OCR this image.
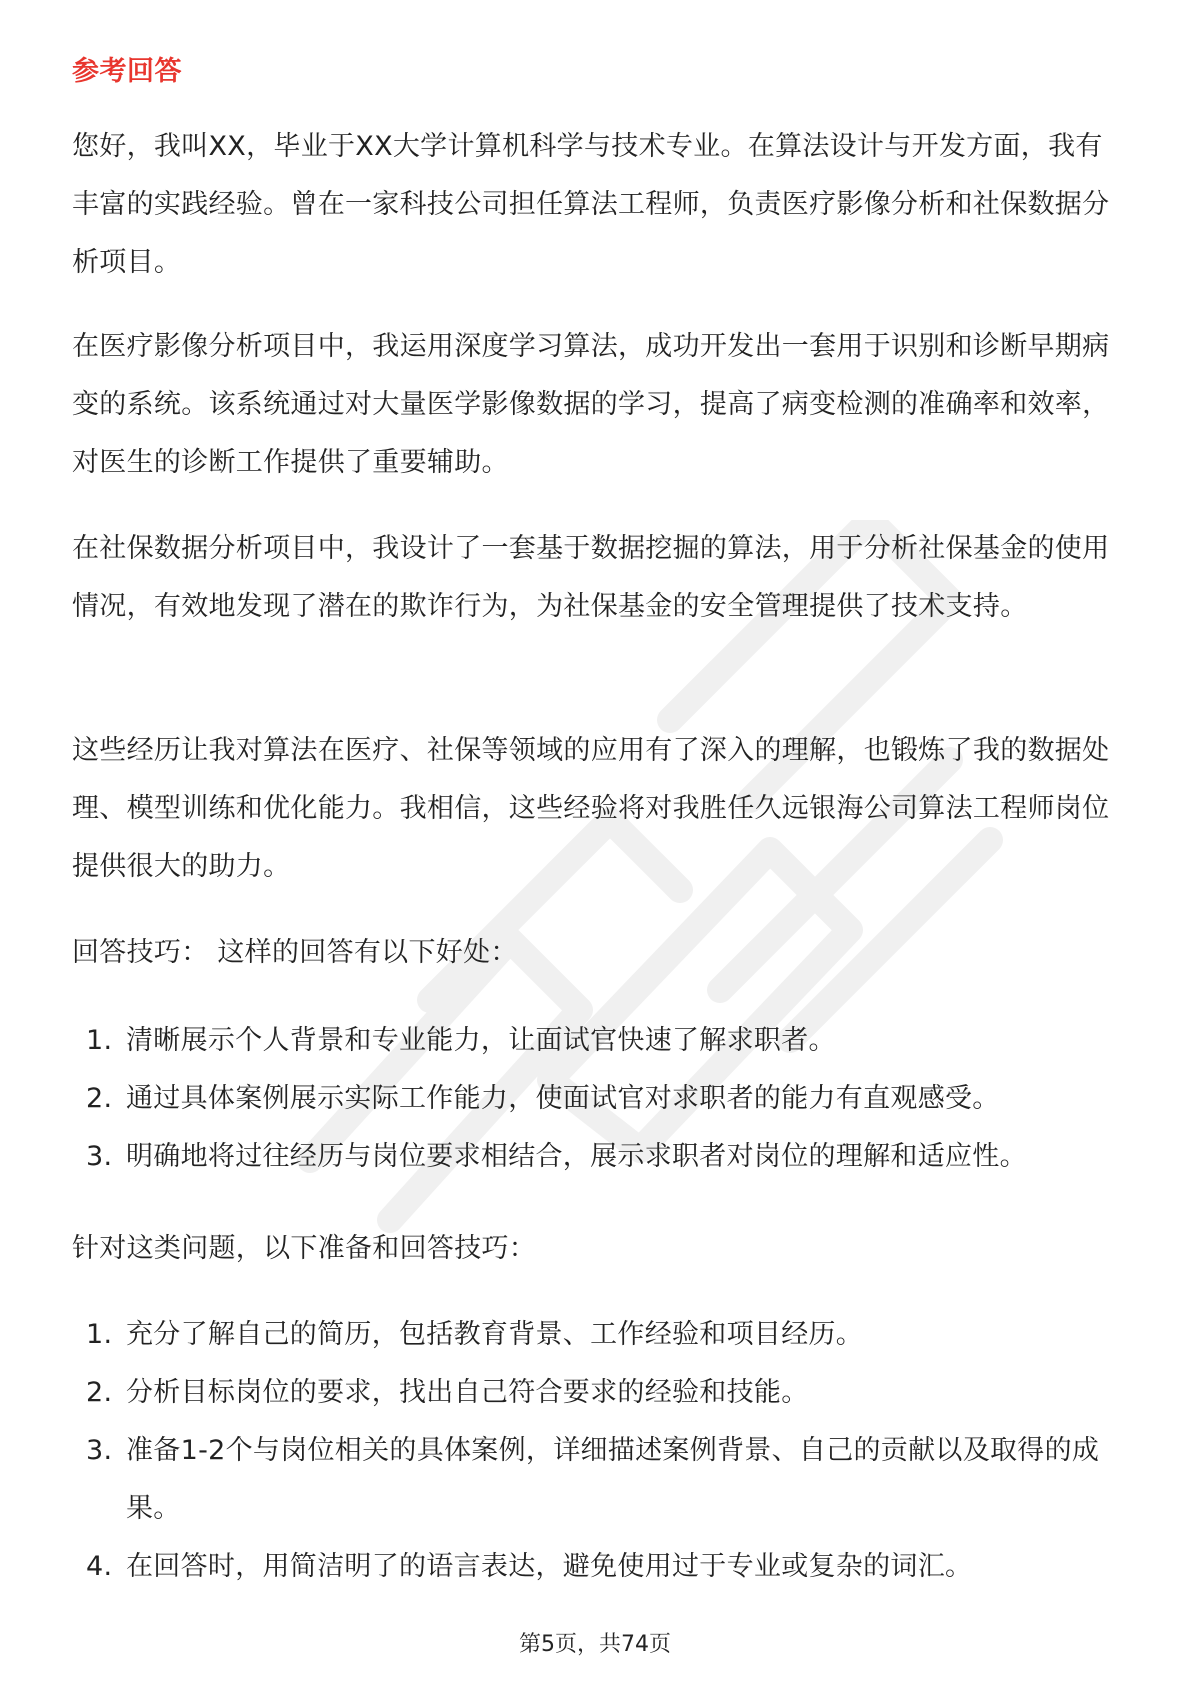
参考回答

您好，我叫XX，毕业于XX大学计算机科学与技术专业。在算法设计与开发方面，我有丰富的实践经验。曾在一家科技公司担任算法工程师，负责医疗影像分析和社保数据分析项目。

在医疗影像分析项目中，我运用深度学习算法，成功开发出一套用于识别和诊断早期病变的系统。该系统通过对大量医学影像数据的学习，提高了病变检测的准确率和效率，对医生的诊断工作提供了重要辅助。

在社保数据分析项目中，我设计了一套基于数据挖掘的算法，用于分析社保基金的使用情况，有效地发现了潜在的欺诈行为，为社保基金的安全管理提供了技术支持。

这些经历让我对算法在医疗、社保等领域的应用有了深入的理解，也锻炼了我的数据处理、模型训练和优化能力。我相信，这些经验将对我胜任久远银海公司算法工程师岗位提供很大的助力。

回答技巧： 这样的回答有以下好处：

1. 清晰展示个人背景和专业能力，让面试官快速了解求职者。
2. 通过具体案例展示实际工作能力，使面试官对求职者的能力有直观感受。
3. 明确地将过往经历与岗位要求相结合，展示求职者对岗位的理解和适应性。

针对这类问题，以下准备和回答技巧：

1. 充分了解自己的简历，包括教育背景、工作经验和项目经历。
2. 分析目标岗位的要求，找出自己符合要求的经验和技能。
3. 准备1-2个与岗位相关的具体案例，详细描述案例背景、自己的贡献以及取得的成果。
4. 在回答时，用简洁明了的语言表达，避免使用过于专业或复杂的词汇。
第5页，共74页
